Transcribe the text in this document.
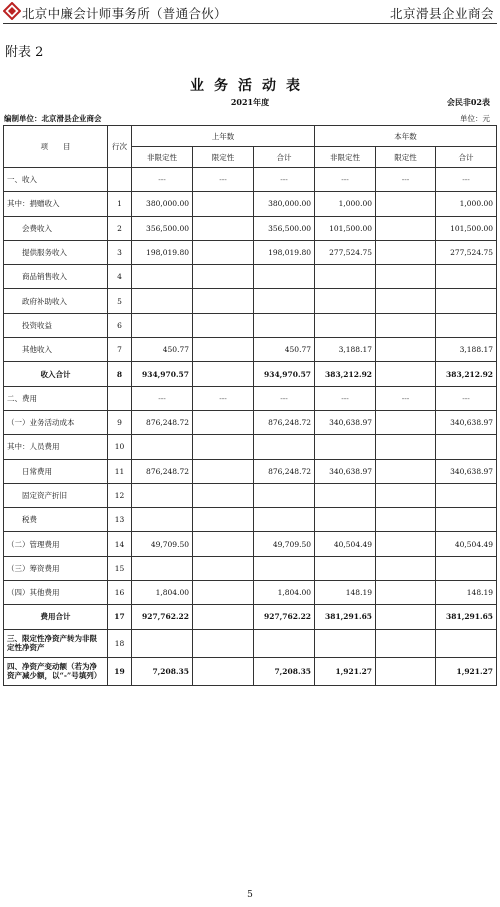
北京中廉会计师事务所（普通合伙）	北京滑县企业商会
附表 2
业务活动表
2021年度	会民非02表
编制单位：北京滑县企业商会	单位：元
项　　目	行次	上年数			本年数		
		非限定性	限定性	合计	非限定性	限定性	合计
一、收入		---	---	---	---	---	---
其中：捐赠收入	1	380,000.00		380,000.00	1,000.00		1,000.00
会费收入	2	356,500.00		356,500.00	101,500.00		101,500.00
提供服务收入	3	198,019.80		198,019.80	277,524.75		277,524.75
商品销售收入	4						
政府补助收入	5						
投资收益	6						
其他收入	7	450.77		450.77	3,188.17		3,188.17
收入合计	8	934,970.57		934,970.57	383,212.92		383,212.92
二、费用		---	---	---	---	---	---
（一）业务活动成本	9	876,248.72		876,248.72	340,638.97		340,638.97
其中：人员费用	10						
日常费用	11	876,248.72		876,248.72	340,638.97		340,638.97
固定资产折旧	12						
税费	13						
（二）管理费用	14	49,709.50		49,709.50	40,504.49		40,504.49
（三）筹资费用	15						
（四）其他费用	16	1,804.00		1,804.00	148.19		148.19
费用合计	17	927,762.22		927,762.22	381,291.65		381,291.65
三、限定性净资产转为非限定性净资产	18						
四、净资产变动额（若为净资产减少额，以“-”号填列）	19	7,208.35		7,208.35	1,921.27		1,921.27
5
